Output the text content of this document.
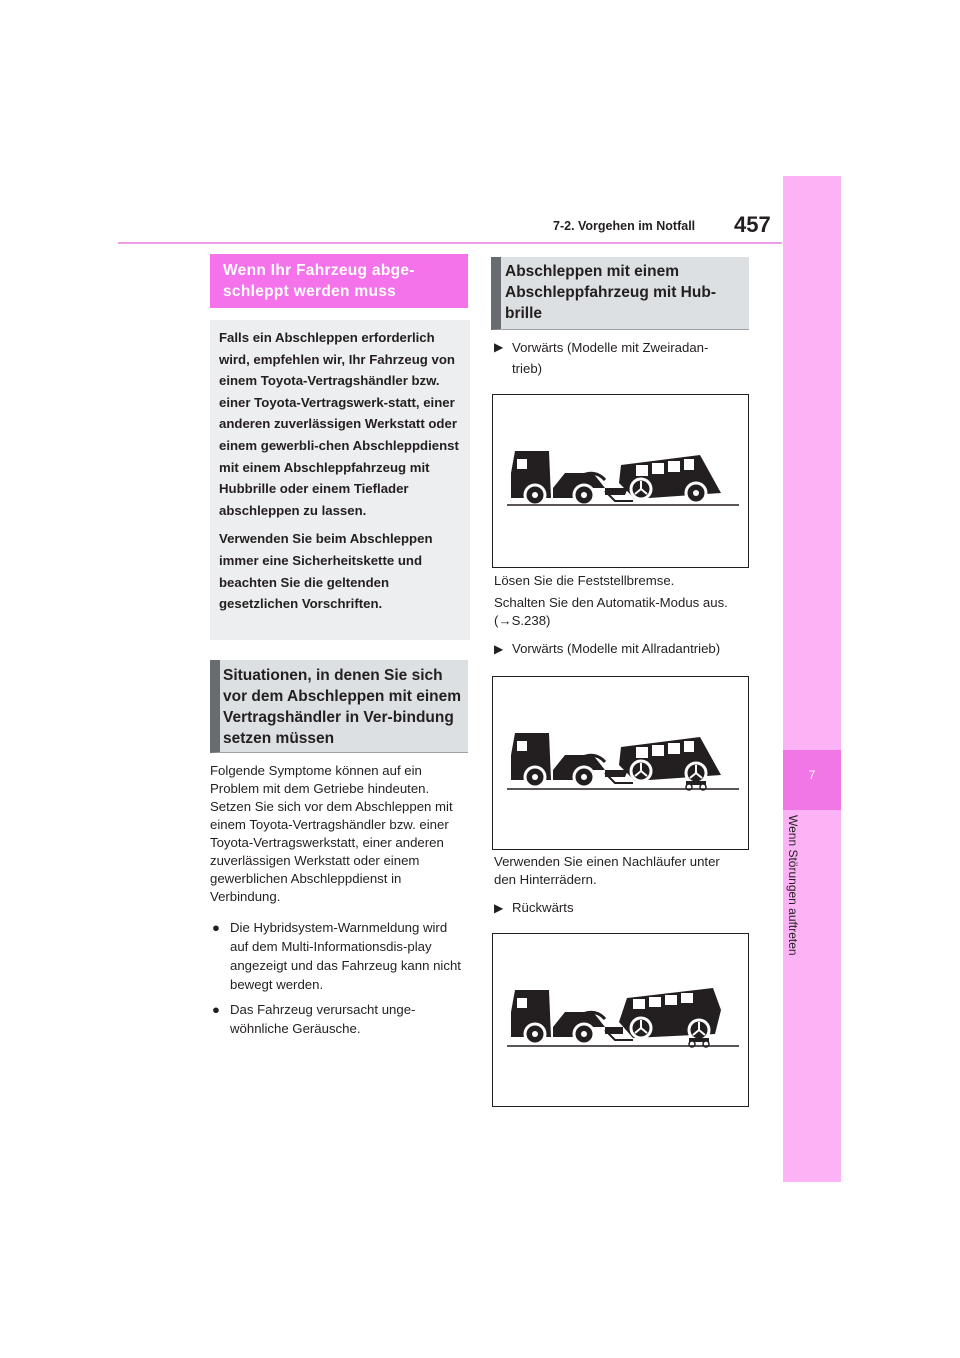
7
Wenn Störungen auftreten
7-2. Vorgehen im Notfall 457
Wenn Ihr Fahrzeug abge-schleppt werden muss

Falls ein Abschleppen erforderlich wird, empfehlen wir, Ihr Fahrzeug von einem Toyota-Vertragshändler bzw. einer Toyota-Vertragswerk-statt, einer anderen zuverlässigen Werkstatt oder einem gewerbli-chen Abschleppdienst mit einem Abschleppfahrzeug mit Hubbrille oder einem Tieflader abschleppen zu lassen.

Verwenden Sie beim Abschleppen immer eine Sicherheitskette und beachten Sie die geltenden gesetzlichen Vorschriften.

Situationen, in denen Sie sich vor dem Abschleppen mit einem Vertragshändler in Ver-bindung setzen müssen
Folgende Symptome können auf ein Problem mit dem Getriebe hindeuten. Setzen Sie sich vor dem Abschleppen mit einem Toyota-Vertragshändler bzw. einer Toyota-Vertragswerkstatt, einer anderen zuverlässigen Werkstatt oder einem gewerblichen Abschleppdienst in Verbindung.
● Die Hybridsystem-Warnmeldung wird auf dem Multi-Informationsdis-play angezeigt und das Fahrzeug kann nicht bewegt werden.
● Das Fahrzeug verursacht unge-wöhnliche Geräusche.
Abschleppen mit einem Abschleppfahrzeug mit Hub-brille
▶ Vorwärts (Modelle mit Zweiradan-trieb)
Lösen Sie die Feststellbremse.
Schalten Sie den Automatik-Modus aus. (→S.238)
▶ Vorwärts (Modelle mit Allradantrieb)
Verwenden Sie einen Nachläufer unter den Hinterrädern.
▶ Rückwärts
